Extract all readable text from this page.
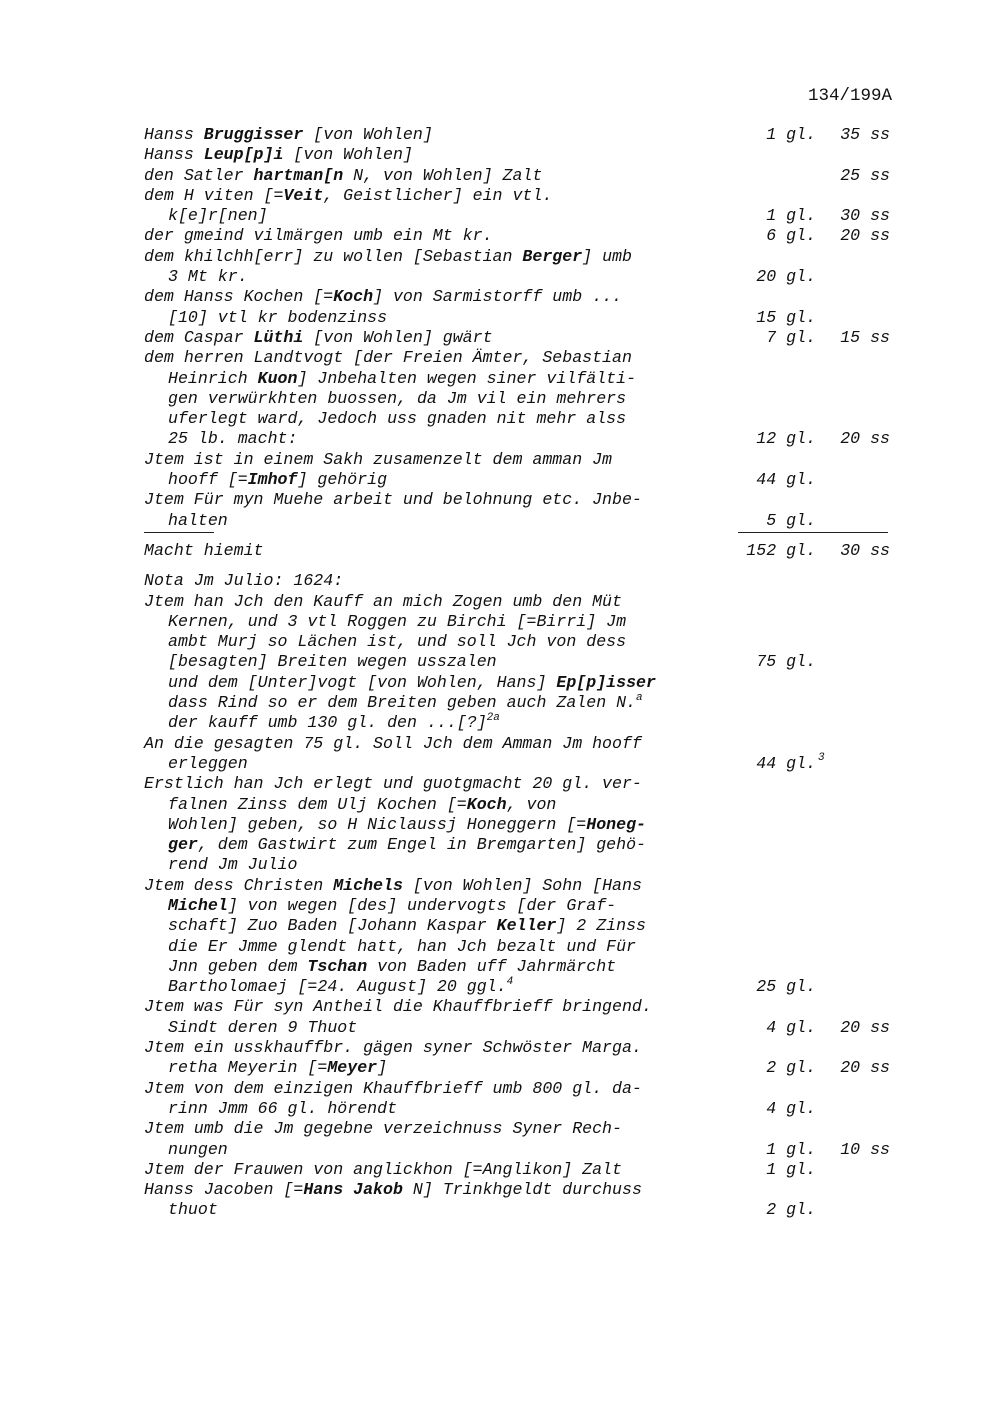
134/199A
Hanss Bruggisser [von Wohlen]	1 gl.	35 ss
Hanss Leup[p]i [von Wohlen]
den Satler hartman[n N, von Wohlen] Zalt	25 ss
dem H viten [=Veit, Geistlicher] ein vtl.
k[e]r[nen]	1 gl.	30 ss
der gmeind vilmärgen umb ein Mt kr.	6 gl.	20 ss
dem khilchh[err] zu wollen [Sebastian Berger] umb
3 Mt kr.	20 gl.
dem Hanss Kochen [=Koch] von Sarmistorff umb ...
[10] vtl kr bodenzinss	15 gl.
dem Caspar Lüthi [von Wohlen] gwärt	7 gl.	15 ss
dem herren Landtvogt [der Freien Ämter, Sebastian
Heinrich Kuon] Jnbehalten wegen siner vilfälti-
gen verwürkhten buossen, da Jm vil ein mehrers
uferlegt ward, Jedoch uss gnaden nit mehr alss
25 lb. macht:	12 gl.	20 ss
Jtem ist in einem Sakh zusamenzelt dem amman Jm
hooff [=Imhof] gehörig	44 gl.
Jtem Für myn Muehe arbeit und belohnung etc. Jnbe-
halten	5 gl.
Macht hiemit	152 gl.	30 ss
Nota Jm Julio: 1624:
Jtem han Jch den Kauff an mich Zogen umb den Müt
Kernen, und 3 vtl Roggen zu Birchi [=Birri] Jm
ambt Murj so Lächen ist, und soll Jch von dess
[besagten] Breiten wegen usszalen	75 gl.
und dem [Unter]vogt [von Wohlen, Hans] Ep[p]isser
dass Rind so er dem Breiten geben auch Zalen N.$^a$
der kauff umb 130 gl. den ...[?]$^{2a}$
An die gesagten 75 gl. Soll Jch dem Amman Jm hooff
erleggen	44 gl. 3
Erstlich han Jch erlegt und guotgmacht 20 gl. ver-
falnen Zinss dem Ulj Kochen [=Koch, von
Wohlen] geben, so H Niclaussj Honeggern [=Honeg-
ger, dem Gastwirt zum Engel in Bremgarten] gehö-
rend Jm Julio
Jtem dess Christen Michels [von Wohlen] Sohn [Hans
Michel] von wegen [des] undervogts [der Graf-
schaft] Zuo Baden [Johann Kaspar Keller] 2 Zinss
die Er Jmme glendt hatt, han Jch bezalt und Für
Jnn geben dem Tschan von Baden uff Jahrmärcht
Bartholomaej [=24. August] 20 ggl.$^4$	25 gl.
Jtem was Für syn Antheil die Khauffbrieff bringend.
Sindt deren 9 Thuot	4 gl.	20 ss
Jtem ein usskhauffbr. gägen syner Schwöster Marga.
retha Meyerin [=Meyer]	2 gl.	20 ss
Jtem von dem einzigen Khauffbrieff umb 800 gl. da-
rinn Jmm 66 gl. hörendt	4 gl.
Jtem umb die Jm gegebne verzeichnuss Syner Rech-
nungen	1 gl.	10 ss
Jtem der Frauwen von anglickhon [=Anglikon] Zalt	1 gl.
Hanss Jacoben [=Hans Jakob N] Trinkhgeldt durchuss
thuot	2 gl.
